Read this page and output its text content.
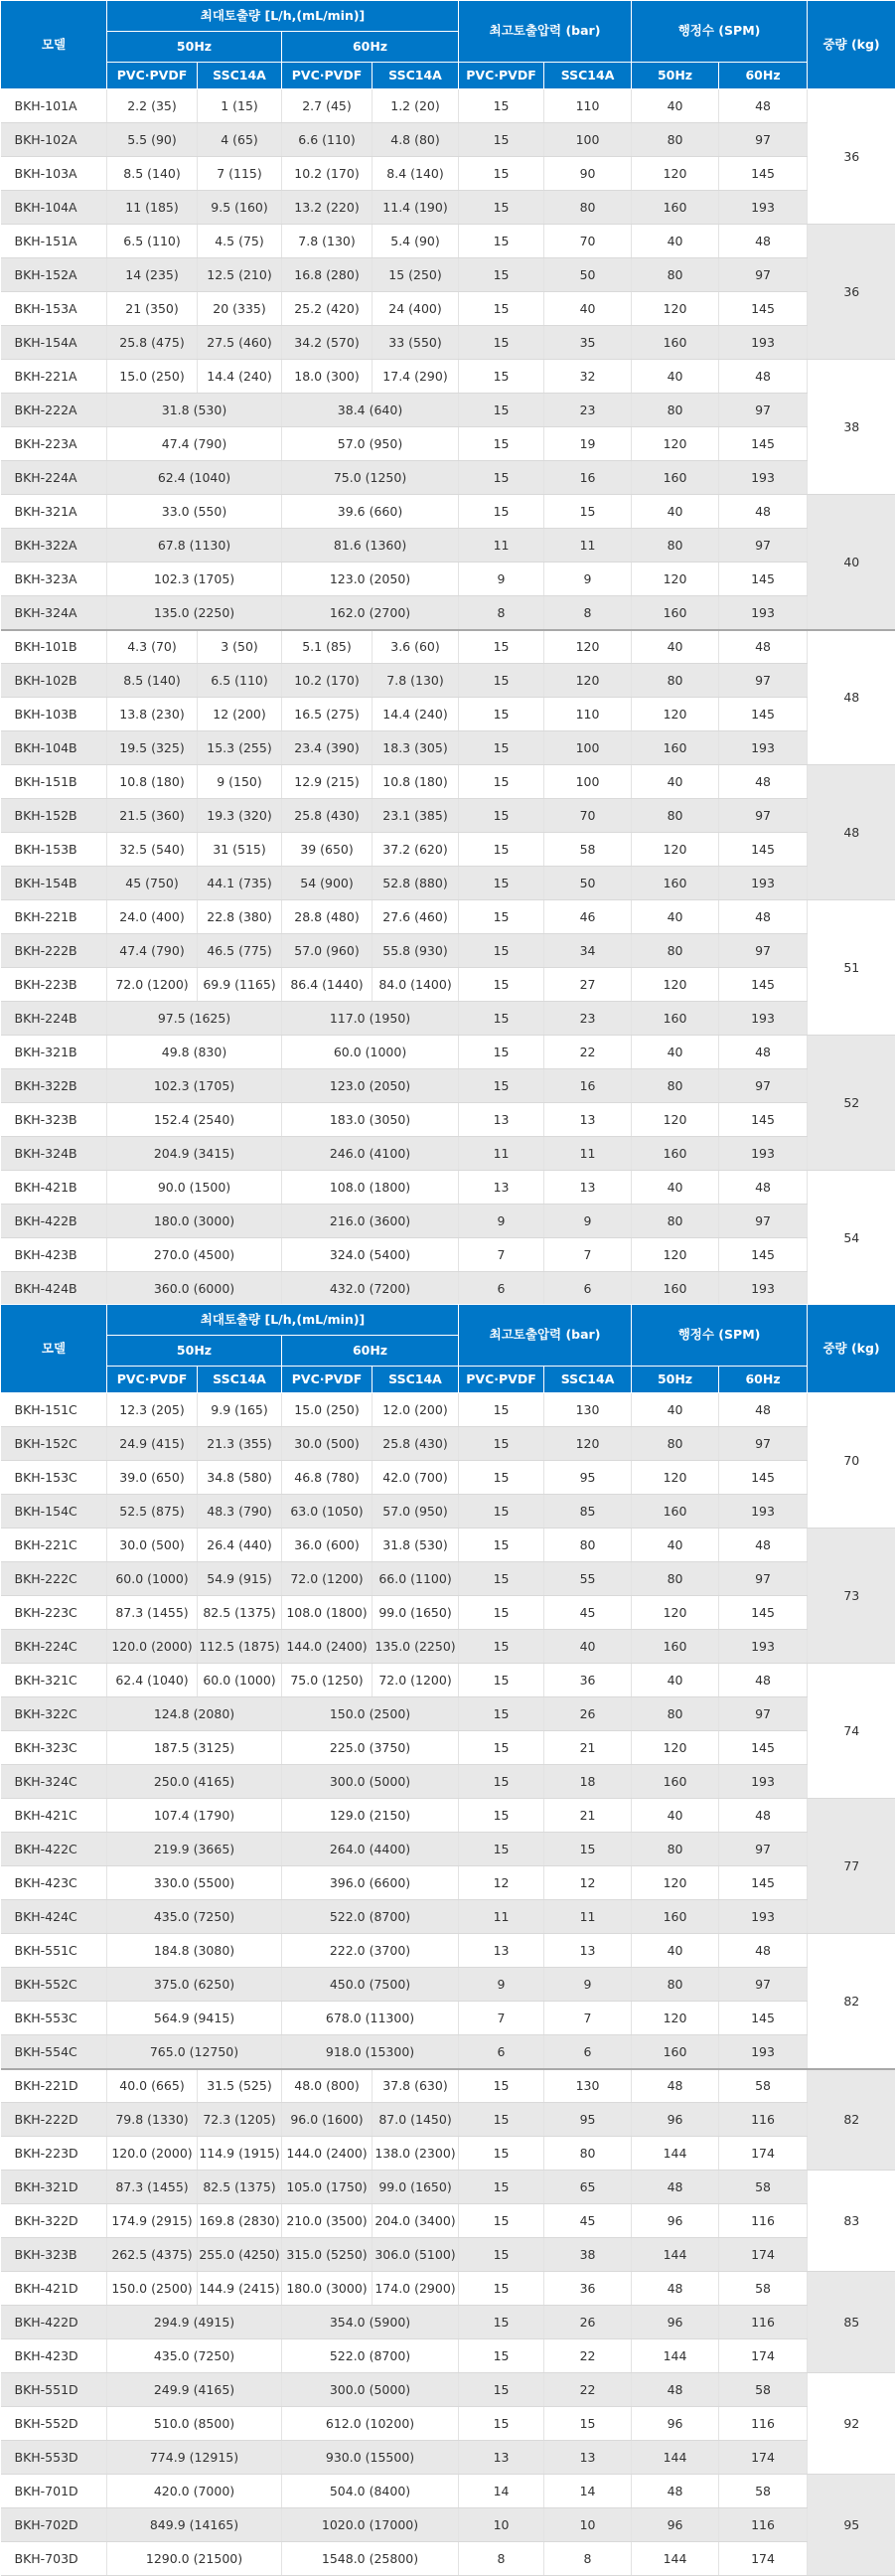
모델	최대토출량 [L/h,(mL/min)]				최고토출압력 (bar)		행정수 (SPM)		중량 (kg)
	50Hz		60Hz						
	PVC·PVDF	SSC14A	PVC·PVDF	SSC14A	PVC·PVDF	SSC14A	50Hz	60Hz	
BKH-101A	2.2 (35)	1 (15)	2.7 (45)	1.2 (20)	15	110	40	48	36
BKH-102A	5.5 (90)	4 (65)	6.6 (110)	4.8 (80)	15	100	80	97	
BKH-103A	8.5 (140)	7 (115)	10.2 (170)	8.4 (140)	15	90	120	145	
BKH-104A	11 (185)	9.5 (160)	13.2 (220)	11.4 (190)	15	80	160	193	
BKH-151A	6.5 (110)	4.5 (75)	7.8 (130)	5.4 (90)	15	70	40	48	36
BKH-152A	14 (235)	12.5 (210)	16.8 (280)	15 (250)	15	50	80	97	
BKH-153A	21 (350)	20 (335)	25.2 (420)	24 (400)	15	40	120	145	
BKH-154A	25.8 (475)	27.5 (460)	34.2 (570)	33 (550)	15	35	160	193	
BKH-221A	15.0 (250)	14.4 (240)	18.0 (300)	17.4 (290)	15	32	40	48	38
BKH-222A	31.8 (530)		38.4 (640)		15	23	80	97	
BKH-223A	47.4 (790)		57.0 (950)		15	19	120	145	
BKH-224A	62.4 (1040)		75.0 (1250)		15	16	160	193	
BKH-321A	33.0 (550)		39.6 (660)		15	15	40	48	40
BKH-322A	67.8 (1130)		81.6 (1360)		11	11	80	97	
BKH-323A	102.3 (1705)		123.0 (2050)		9	9	120	145	
BKH-324A	135.0 (2250)		162.0 (2700)		8	8	160	193	
BKH-101B	4.3 (70)	3 (50)	5.1 (85)	3.6 (60)	15	120	40	48	48
BKH-102B	8.5 (140)	6.5 (110)	10.2 (170)	7.8 (130)	15	120	80	97	
BKH-103B	13.8 (230)	12 (200)	16.5 (275)	14.4 (240)	15	110	120	145	
BKH-104B	19.5 (325)	15.3 (255)	23.4 (390)	18.3 (305)	15	100	160	193	
BKH-151B	10.8 (180)	9 (150)	12.9 (215)	10.8 (180)	15	100	40	48	48
BKH-152B	21.5 (360)	19.3 (320)	25.8 (430)	23.1 (385)	15	70	80	97	
BKH-153B	32.5 (540)	31 (515)	39 (650)	37.2 (620)	15	58	120	145	
BKH-154B	45 (750)	44.1 (735)	54 (900)	52.8 (880)	15	50	160	193	
BKH-221B	24.0 (400)	22.8 (380)	28.8 (480)	27.6 (460)	15	46	40	48	51
BKH-222B	47.4 (790)	46.5 (775)	57.0 (960)	55.8 (930)	15	34	80	97	
BKH-223B	72.0 (1200)	69.9 (1165)	86.4 (1440)	84.0 (1400)	15	27	120	145	
BKH-224B	97.5 (1625)		117.0 (1950)		15	23	160	193	
BKH-321B	49.8 (830)		60.0 (1000)		15	22	40	48	52
BKH-322B	102.3 (1705)		123.0 (2050)		15	16	80	97	
BKH-323B	152.4 (2540)		183.0 (3050)		13	13	120	145	
BKH-324B	204.9 (3415)		246.0 (4100)		11	11	160	193	
BKH-421B	90.0 (1500)		108.0 (1800)		13	13	40	48	54
BKH-422B	180.0 (3000)		216.0 (3600)		9	9	80	97	
BKH-423B	270.0 (4500)		324.0 (5400)		7	7	120	145	
BKH-424B	360.0 (6000)		432.0 (7200)		6	6	160	193	
모델	최대토출량 [L/h,(mL/min)]				최고토출압력 (bar)		행정수 (SPM)		중량 (kg)
	50Hz		60Hz						
	PVC·PVDF	SSC14A	PVC·PVDF	SSC14A	PVC·PVDF	SSC14A	50Hz	60Hz	
BKH-151C	12.3 (205)	9.9 (165)	15.0 (250)	12.0 (200)	15	130	40	48	70
BKH-152C	24.9 (415)	21.3 (355)	30.0 (500)	25.8 (430)	15	120	80	97	
BKH-153C	39.0 (650)	34.8 (580)	46.8 (780)	42.0 (700)	15	95	120	145	
BKH-154C	52.5 (875)	48.3 (790)	63.0 (1050)	57.0 (950)	15	85	160	193	
BKH-221C	30.0 (500)	26.4 (440)	36.0 (600)	31.8 (530)	15	80	40	48	73
BKH-222C	60.0 (1000)	54.9 (915)	72.0 (1200)	66.0 (1100)	15	55	80	97	
BKH-223C	87.3 (1455)	82.5 (1375)	108.0 (1800)	99.0 (1650)	15	45	120	145	
BKH-224C	120.0 (2000)	112.5 (1875)	144.0 (2400)	135.0 (2250)	15	40	160	193	
BKH-321C	62.4 (1040)	60.0 (1000)	75.0 (1250)	72.0 (1200)	15	36	40	48	74
BKH-322C	124.8 (2080)		150.0 (2500)		15	26	80	97	
BKH-323C	187.5 (3125)		225.0 (3750)		15	21	120	145	
BKH-324C	250.0 (4165)		300.0 (5000)		15	18	160	193	
BKH-421C	107.4 (1790)		129.0 (2150)		15	21	40	48	77
BKH-422C	219.9 (3665)		264.0 (4400)		15	15	80	97	
BKH-423C	330.0 (5500)		396.0 (6600)		12	12	120	145	
BKH-424C	435.0 (7250)		522.0 (8700)		11	11	160	193	
BKH-551C	184.8 (3080)		222.0 (3700)		13	13	40	48	82
BKH-552C	375.0 (6250)		450.0 (7500)		9	9	80	97	
BKH-553C	564.9 (9415)		678.0 (11300)		7	7	120	145	
BKH-554C	765.0 (12750)		918.0 (15300)		6	6	160	193	
BKH-221D	40.0 (665)	31.5 (525)	48.0 (800)	37.8 (630)	15	130	48	58	82
BKH-222D	79.8 (1330)	72.3 (1205)	96.0 (1600)	87.0 (1450)	15	95	96	116	
BKH-223D	120.0 (2000)	114.9 (1915)	144.0 (2400)	138.0 (2300)	15	80	144	174	
BKH-321D	87.3 (1455)	82.5 (1375)	105.0 (1750)	99.0 (1650)	15	65	48	58	83
BKH-322D	174.9 (2915)	169.8 (2830)	210.0 (3500)	204.0 (3400)	15	45	96	116	
BKH-323B	262.5 (4375)	255.0 (4250)	315.0 (5250)	306.0 (5100)	15	38	144	174	
BKH-421D	150.0 (2500)	144.9 (2415)	180.0 (3000)	174.0 (2900)	15	36	48	58	85
BKH-422D	294.9 (4915)		354.0 (5900)		15	26	96	116	
BKH-423D	435.0 (7250)		522.0 (8700)		15	22	144	174	
BKH-551D	249.9 (4165)		300.0 (5000)		15	22	48	58	92
BKH-552D	510.0 (8500)		612.0 (10200)		15	15	96	116	
BKH-553D	774.9 (12915)		930.0 (15500)		13	13	144	174	
BKH-701D	420.0 (7000)		504.0 (8400)		14	14	48	58	95
BKH-702D	849.9 (14165)		1020.0 (17000)		10	10	96	116	
BKH-703D	1290.0 (21500)		1548.0 (25800)		8	8	144	174	
